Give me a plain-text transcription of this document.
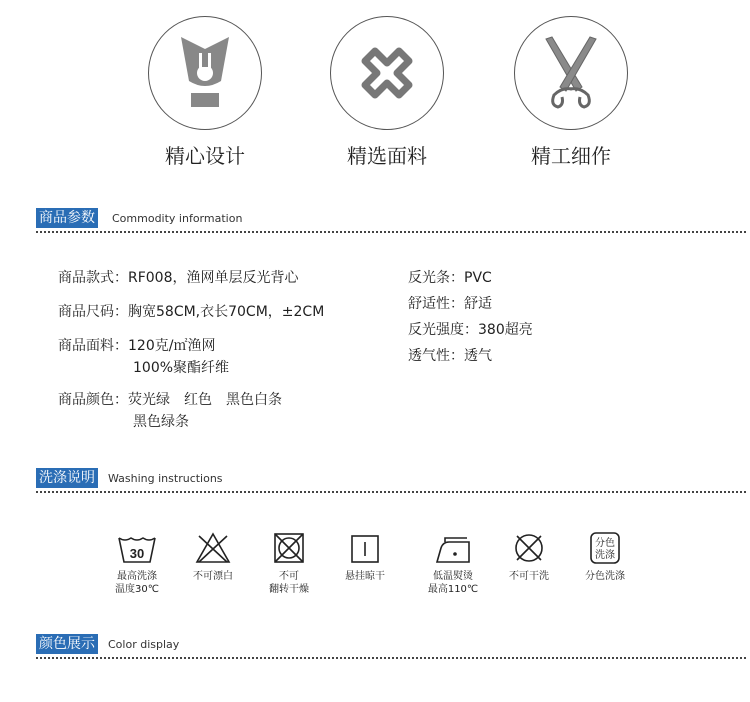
精心设计	精选面料	精工细作
商品参数 Commodity information
商品款式：RF008，渔网单层反光背心
商品尺码：胸宽58CM,衣长70CM，±2CM
商品面料：120克/㎡渔网
100%聚酯纤维
商品颜色：荧光绿　红色　黑色白条
黑色绿条
反光条：PVC
舒适性：舒适
反光强度：380超亮
透气性：透气
洗涤说明 Washing instructions
30
最高洗涤
温度30℃
不可漂白	不可
翻转干燥
悬挂晾干	低温熨烫
最高110℃
不可干洗
分色
洗涤
分色洗涤
颜色展示 Color display
